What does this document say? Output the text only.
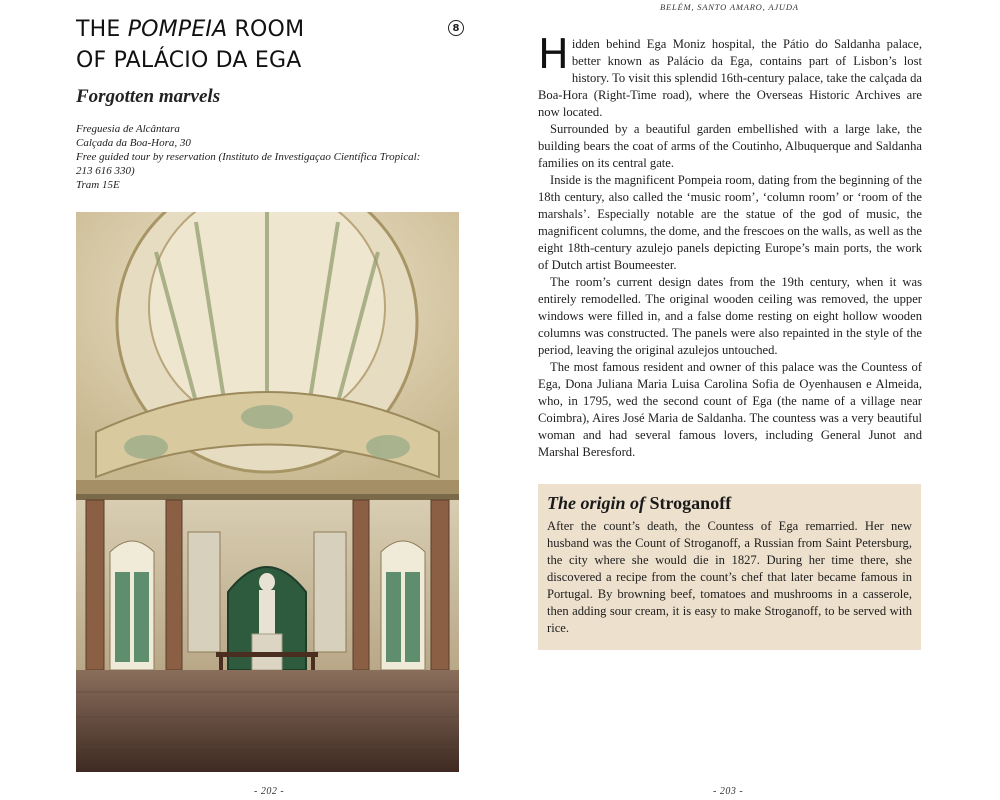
THE POMPEIA ROOM
OF PALÁCIO DA EGA
8
Forgotten marvels
Freguesia de Alcântara
Calçada da Boa-Hora, 30
Free guided tour by reservation (Instituto de Investigaçao Científica Tropical:
213 616 330)
Tram 15E
- 202 -
BELÉM, SANTO AMARO, AJUDA

Hidden behind Ega Moniz hospital, the Pátio do Saldanha palace, better known as Palácio da Ega, contains part of Lisbon’s lost history. To visit this splendid 16th-century palace, take the calçada da Boa-Hora (Right-Time road), where the Overseas Historic Archives are now located.

Surrounded by a beautiful garden embellished with a large lake, the building bears the coat of arms of the Coutinho, Albuquerque and Saldanha families on its central gate.

Inside is the magnificent Pompeia room, dating from the beginning of the 18th century, also called the ‘music room’, ‘column room’ or ‘room of the marshals’. Especially notable are the statue of the god of music, the magnificent columns, the dome, and the frescoes on the walls, as well as the eight 18th-century azulejo panels depicting Europe’s main ports, the work of Dutch artist Boumeester.

The room’s current design dates from the 19th century, when it was entirely remodelled. The original wooden ceiling was removed, the upper windows were filled in, and a false dome resting on eight hollow wooden columns was constructed. The panels were also repainted in the style of the period, leaving the original azulejos untouched.

The most famous resident and owner of this palace was the Countess of Ega, Dona Juliana Maria Luisa Carolina Sofia de Oyenhausen e Almeida, who, in 1795, wed the second count of Ega (the name of a village near Coimbra), Aires José Maria de Saldanha. The countess was a very beautiful woman and had several famous lovers, including General Junot and Marshal Beresford.

The origin of Stroganoff

After the count’s death, the Countess of Ega remarried. Her new husband was the Count of Stroganoff, a Russian from Saint Petersburg, the city where she would die in 1827. During her time there, she discovered a recipe from the count’s chef that later became famous in Portugal. By browning beef, tomatoes and mushrooms in a casserole, then adding sour cream, it is easy to make Stroganoff, to be served with rice.

- 203 -
